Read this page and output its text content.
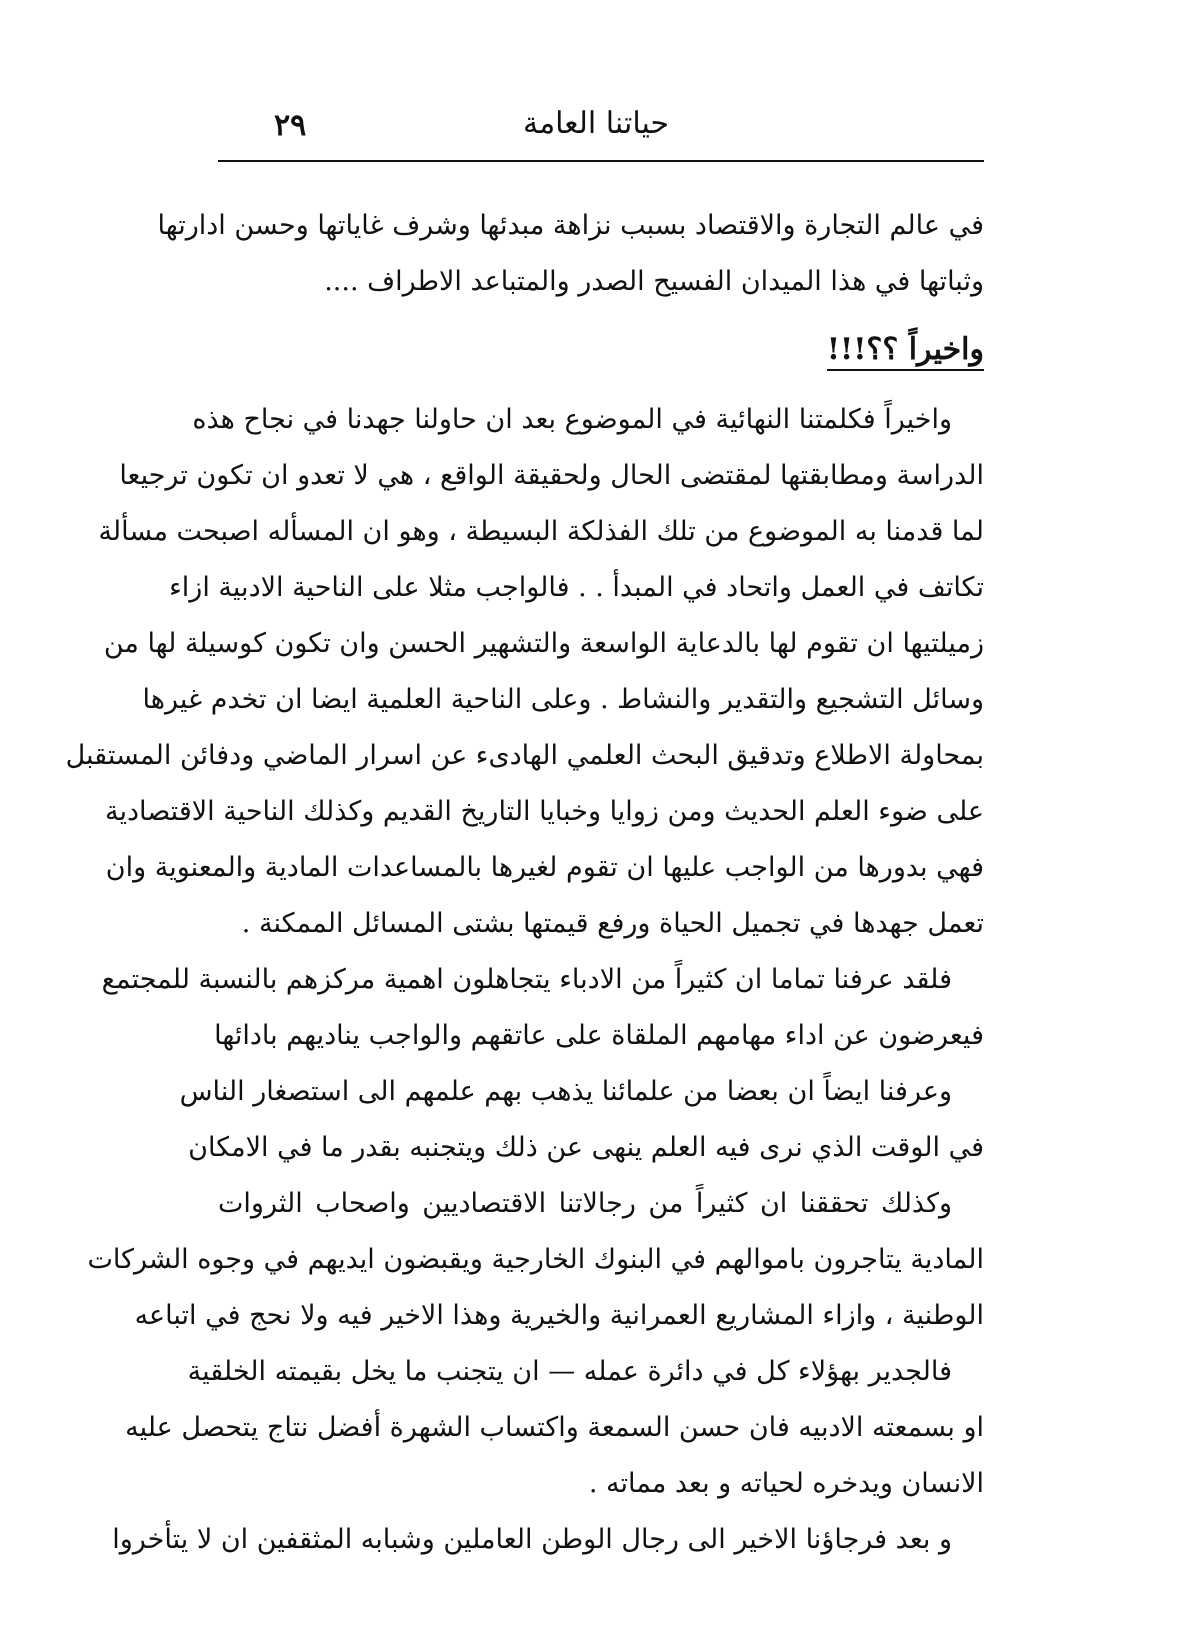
٢٩	حياتنا العامة
في عالم التجارة والاقتصاد بسبب نزاهة مبدئها وشرف غاياتها وحسن ادارتها
وثباتها في هذا الميدان الفسيح الصدر والمتباعد الاطراف ....
واخيراً ؟؟!!!
واخيراً فكلمتنا النهائية في الموضوع بعد ان حاولنا جهدنا في نجاح هذه
الدراسة ومطابقتها لمقتضى الحال ولحقيقة الواقع ، هي لا تعدو ان تكون ترجيعا
لما قدمنا به الموضوع من تلك الفذلكة البسيطة ، وهو ان المسأله اصبحت مسألة
تكاتف في العمل واتحاد في المبدأ . . فالواجب مثلا على الناحية الادبية ازاء
زميلتيها ان تقوم لها بالدعاية الواسعة والتشهير الحسن وان تكون كوسيلة لها من
وسائل التشجيع والتقدير والنشاط . وعلى الناحية العلمية ايضا ان تخدم غيرها
بمحاولة الاطلاع وتدقيق البحث العلمي الهادىء عن اسرار الماضي ودفائن المستقبل
على ضوء العلم الحديث ومن زوايا وخبايا التاريخ القديم وكذلك الناحية الاقتصادية
فهي بدورها من الواجب عليها ان تقوم لغيرها بالمساعدات المادية والمعنوية وان
تعمل جهدها في تجميل الحياة ورفع قيمتها بشتى المسائل الممكنة .
فلقد عرفنا تماما ان كثيراً من الادباء يتجاهلون اهمية مركزهم بالنسبة للمجتمع
فيعرضون عن اداء مهامهم الملقاة على عاتقهم والواجب يناديهم بادائها
وعرفنا ايضاً ان بعضا من علمائنا يذهب بهم علمهم الى استصغار الناس
في الوقت الذي نرى فيه العلم ينهى عن ذلك ويتجنبه بقدر ما في الامكان
وكذلك تحققنا ان كثيراً من رجالاتنا الاقتصاديين واصحاب الثروات
المادية يتاجرون باموالهم في البنوك الخارجية ويقبضون ايديهم في وجوه الشركات
الوطنية ، وازاء المشاريع العمرانية والخيرية وهذا الاخير فيه ولا نحج في اتباعه
فالجدير بهؤلاء كل في دائرة عمله — ان يتجنب ما يخل بقيمته الخلقية
او بسمعته الادبيه فان حسن السمعة واكتساب الشهرة أفضل نتاج يتحصل عليه
الانسان ويدخره لحياته و بعد مماته .
و بعد فرجاؤنا الاخير الى رجال الوطن العاملين وشبابه المثقفين ان لا يتأخروا
